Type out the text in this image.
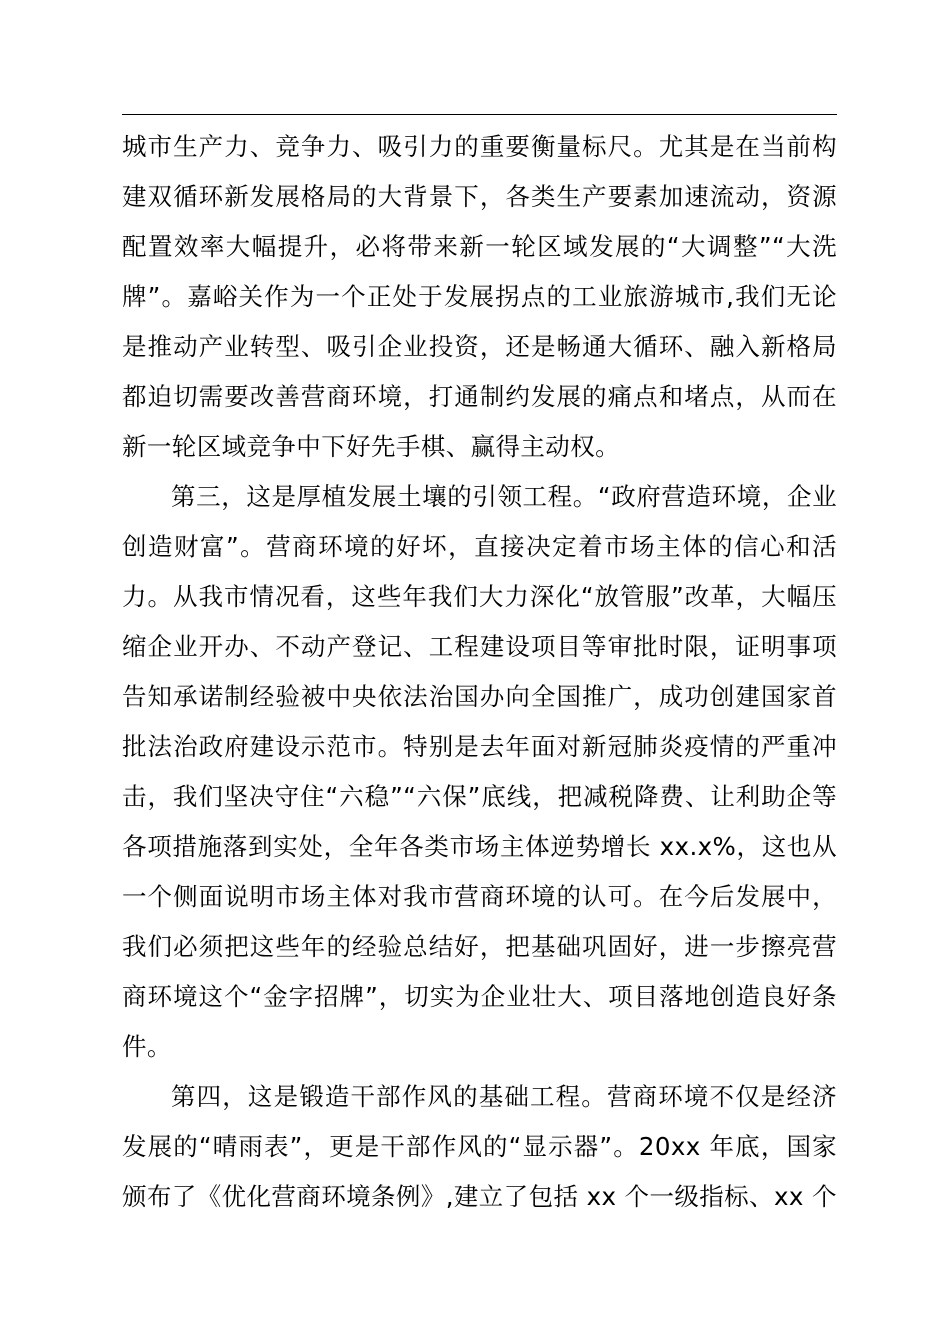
城市生产力、竞争力、吸引力的重要衡量标尺。尤其是在当前构建双循环新发展格局的大背景下，各类生产要素加速流动，资源配置效率大幅提升，必将带来新一轮区域发展的“大调整”“大洗牌”。嘉峪关作为一个正处于发展拐点的工业旅游城市,我们无论是推动产业转型、吸引企业投资，还是畅通大循环、融入新格局都迫切需要改善营商环境，打通制约发展的痛点和堵点，从而在新一轮区域竞争中下好先手棋、赢得主动权。

第三，这是厚植发展土壤的引领工程。“政府营造环境，企业创造财富”。营商环境的好坏，直接决定着市场主体的信心和活力。从我市情况看，这些年我们大力深化“放管服”改革，大幅压缩企业开办、不动产登记、工程建设项目等审批时限，证明事项告知承诺制经验被中央依法治国办向全国推广，成功创建国家首批法治政府建设示范市。特别是去年面对新冠肺炎疫情的严重冲击，我们坚决守住“六稳”“六保”底线，把减税降费、让利助企等各项措施落到实处，全年各类市场主体逆势增长 xx.x%，这也从一个侧面说明市场主体对我市营商环境的认可。在今后发展中，我们必须把这些年的经验总结好，把基础巩固好，进一步擦亮营商环境这个“金字招牌”，切实为企业壮大、项目落地创造良好条件。

第四，这是锻造干部作风的基础工程。营商环境不仅是经济发展的“晴雨表”，更是干部作风的“显示器”。20xx 年底，国家颁布了《优化营商环境条例》,建立了包括 xx 个一级指标、xx 个
